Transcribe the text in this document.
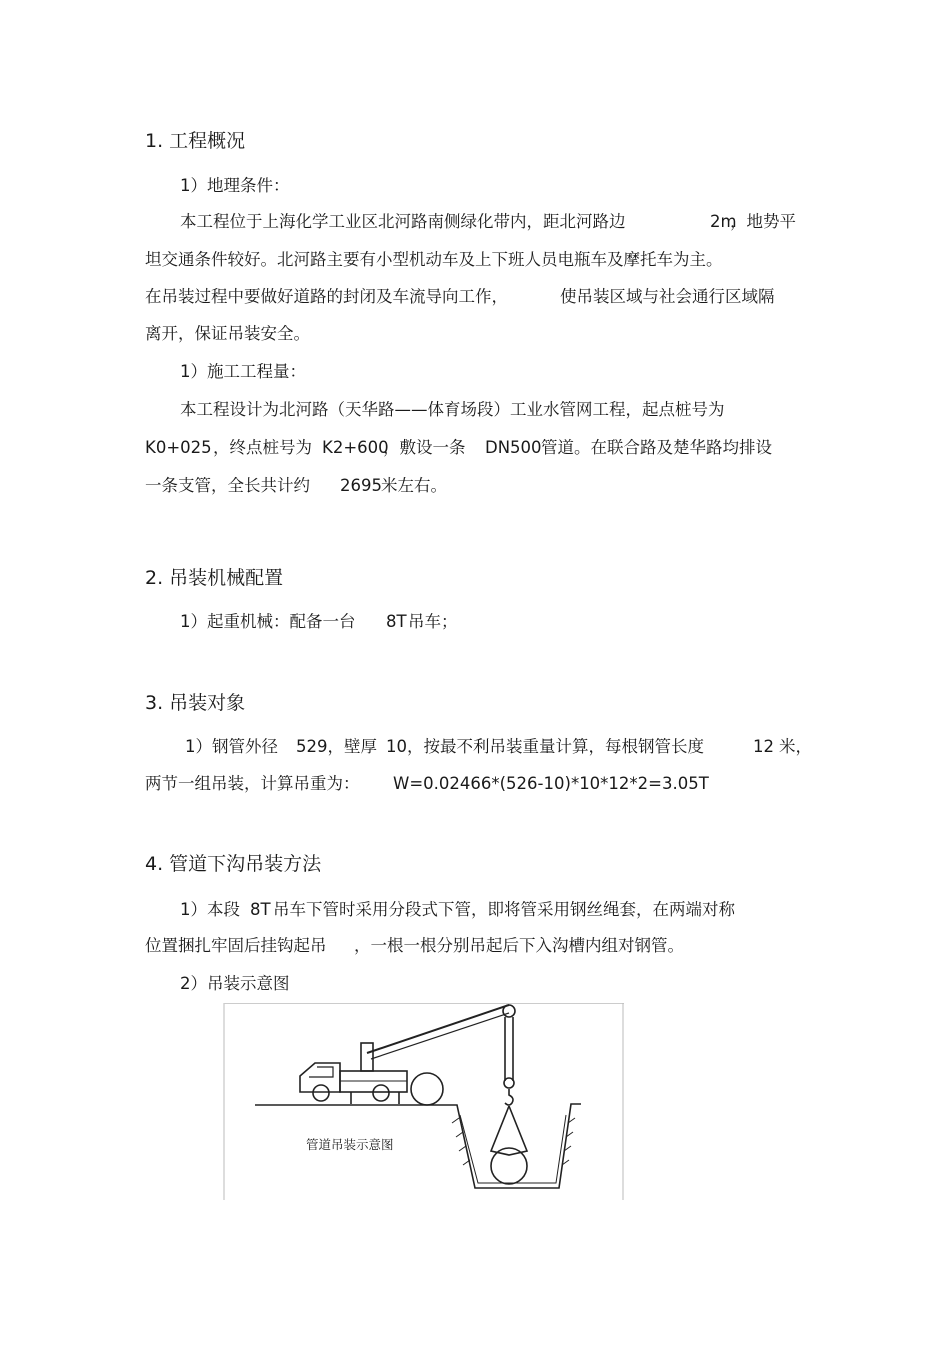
1. 工程概况
1）地理条件：
本工程位于上海化学工业区北河路南侧绿化带内，距北河路边	2m
，地势平
坦交通条件较好。北河路主要有小型机动车及上下班人员电瓶车及摩托车为主。
在吊装过程中要做好道路的封闭及车流导向工作，	使吊装区域与社会通行区域隔
离开，保证吊装安全。
1）施工工程量：
本工程设计为北河路（天华路——体育场段）工业水管网工程，起点桩号为
K0+025 ，终点桩号为 K2+600
，敷设一条 DN500 管道。在联合路及楚华路均排设
一条支管，全长共计约 2695 米左右。
2. 吊装机械配置
1）起重机械：配备一台 8T 吊车；
3. 吊装对象
1）钢管外径 529，壁厚 10，按最不利吊装重量计算，每根钢管长度	12 米，
两节一组吊装，计算吊重为： W=0.02466*(526-10)*10*12*2=3.05T
4. 管道下沟吊装方法
1）本段 8T 吊车下管时采用分段式下管，即将管采用钢丝绳套，在两端对称
位置捆扎牢固后挂钩起吊 ，一根一根分别吊起后下入沟槽内组对钢管。
2）吊装示意图
管道吊装示意图
